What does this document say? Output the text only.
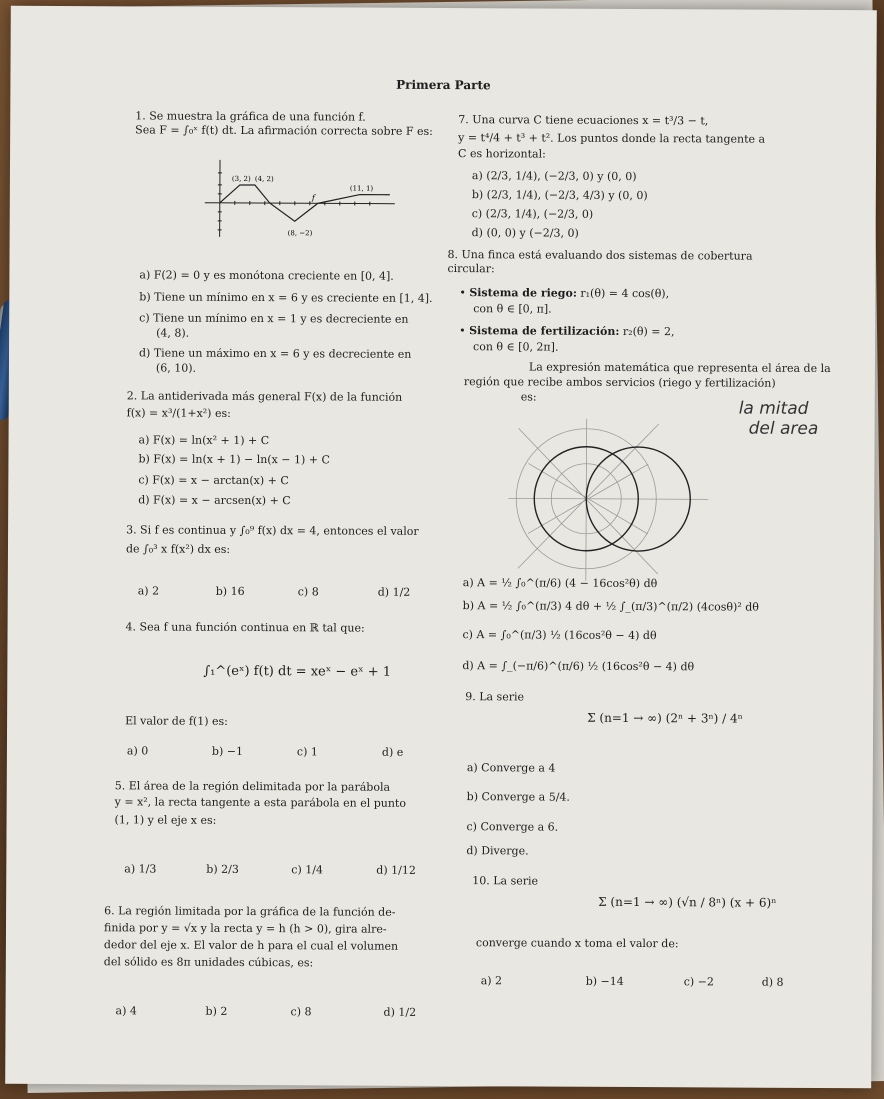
Primera Parte
1. Se muestra la gráfica de una función f.
Sea F = ∫₀ˣ f(t) dt. La afirmación correcta sobre F es:
(3, 2) (4, 2)
(11, 1)
(8, −2)
f
a) F(2) = 0 y es monótona creciente en [0, 4].
b) Tiene un mínimo en x = 6 y es creciente en [1, 4].
c) Tiene un mínimo en x = 1 y es decreciente en
(4, 8).
d) Tiene un máximo en x = 6 y es decreciente en
(6, 10).
2. La antiderivada más general F(x) de la función
f(x) = x³/(1+x²) es:
a) F(x) = ln(x² + 1) + C
b) F(x) = ln(x + 1) − ln(x − 1) + C
c) F(x) = x − arctan(x) + C
d) F(x) = x − arcsen(x) + C
3. Si f es continua y ∫₀⁹ f(x) dx = 4, entonces el valor
de ∫₀³ x f(x²) dx es:
a) 2	b) 16	c) 8	d) 1/2
4. Sea f una función continua en ℝ tal que:
∫₁^(eˣ) f(t) dt = xeˣ − eˣ + 1
El valor de f(1) es:
a) 0	b) −1	c) 1	d) e
5. El área de la región delimitada por la parábola
y = x², la recta tangente a esta parábola en el punto
(1, 1) y el eje x es:
a) 1/3	b) 2/3	c) 1/4	d) 1/12
6. La región limitada por la gráfica de la función de-
finida por y = √x y la recta y = h (h > 0), gira alre-
dedor del eje x. El valor de h para el cual el volumen
del sólido es 8π unidades cúbicas, es:
a) 4	b) 2	c) 8	d) 1/2
7. Una curva C tiene ecuaciones x = t³/3 − t,
y = t⁴/4 + t³ + t². Los puntos donde la recta tangente a
C es horizontal:
a) (2/3, 1/4), (−2/3, 0) y (0, 0)
b) (2/3, 1/4), (−2/3, 4/3) y (0, 0)
c) (2/3, 1/4), (−2/3, 0)
d) (0, 0) y (−2/3, 0)
8. Una finca está evaluando dos sistemas de cobertura
circular:
• Sistema de riego: r₁(θ) = 4 cos(θ),
con θ ∈ [0, π].
• Sistema de fertilización: r₂(θ) = 2,
con θ ∈ [0, 2π].
La expresión matemática que representa el área de la
región que recibe ambos servicios (riego y fertilización)
es:
la mitad
del area
a) A = ½ ∫₀^(π/6) (4 − 16cos²θ) dθ
b) A = ½ ∫₀^(π/3) 4 dθ + ½ ∫_(π/3)^(π/2) (4cosθ)² dθ
c) A = ∫₀^(π/3) ½ (16cos²θ − 4) dθ
d) A = ∫_(−π/6)^(π/6) ½ (16cos²θ − 4) dθ
9. La serie
Σ (n=1 → ∞) (2ⁿ + 3ⁿ) / 4ⁿ
a) Converge a 4
b) Converge a 5/4.
c) Converge a 6.
d) Diverge.
10. La serie
Σ (n=1 → ∞) (√n / 8ⁿ) (x + 6)ⁿ
converge cuando x toma el valor de:
a) 2	b) −14	c) −2	d) 8
